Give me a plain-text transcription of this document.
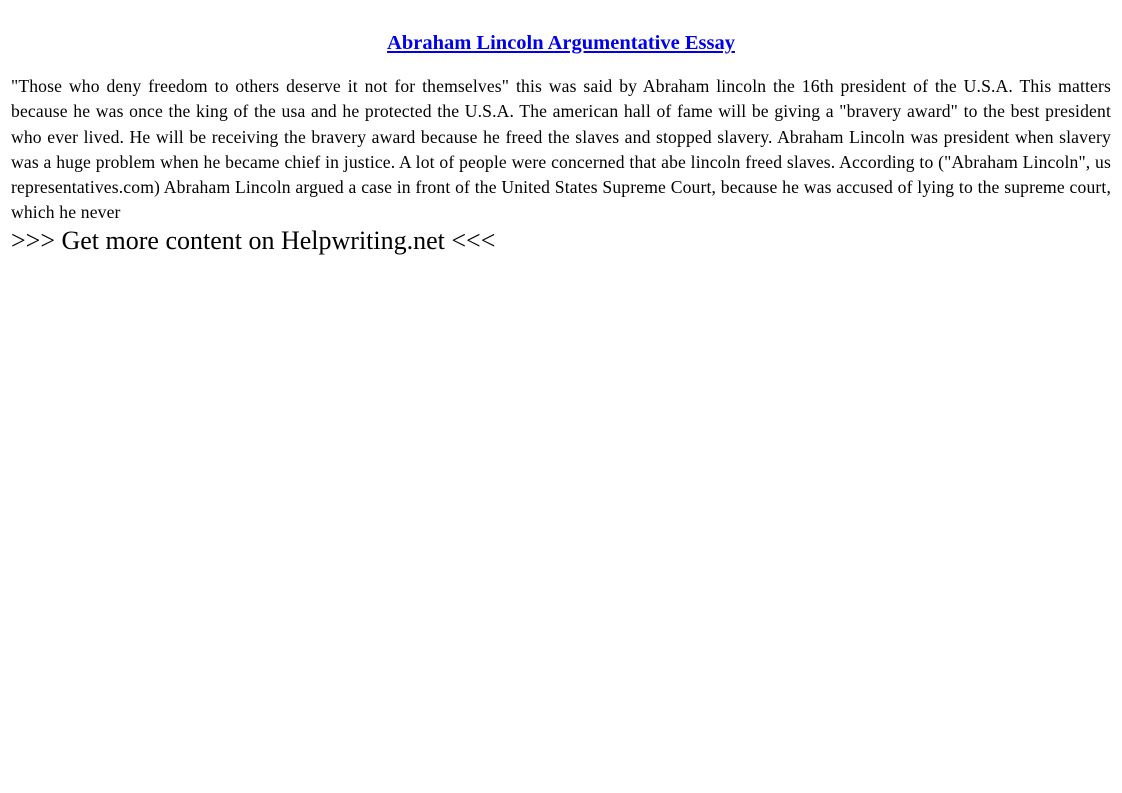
Abraham Lincoln Argumentative Essay
"Those who deny freedom to others deserve it not for themselves" this was said by Abraham lincoln the 16th president of the U.S.A. This matters because he was once the king of the usa and he protected the U.S.A. The american hall of fame will be giving a "bravery award" to the best president who ever lived. He will be receiving the bravery award because he freed the slaves and stopped slavery. Abraham Lincoln was president when slavery was a huge problem when he became chief in justice. A lot of people were concerned that abe lincoln freed slaves. According to ("Abraham Lincoln", us representatives.com) Abraham Lincoln argued a case in front of the United States Supreme Court, because he was accused of lying to the supreme court, which he never
>>> Get more content on Helpwriting.net <<<
